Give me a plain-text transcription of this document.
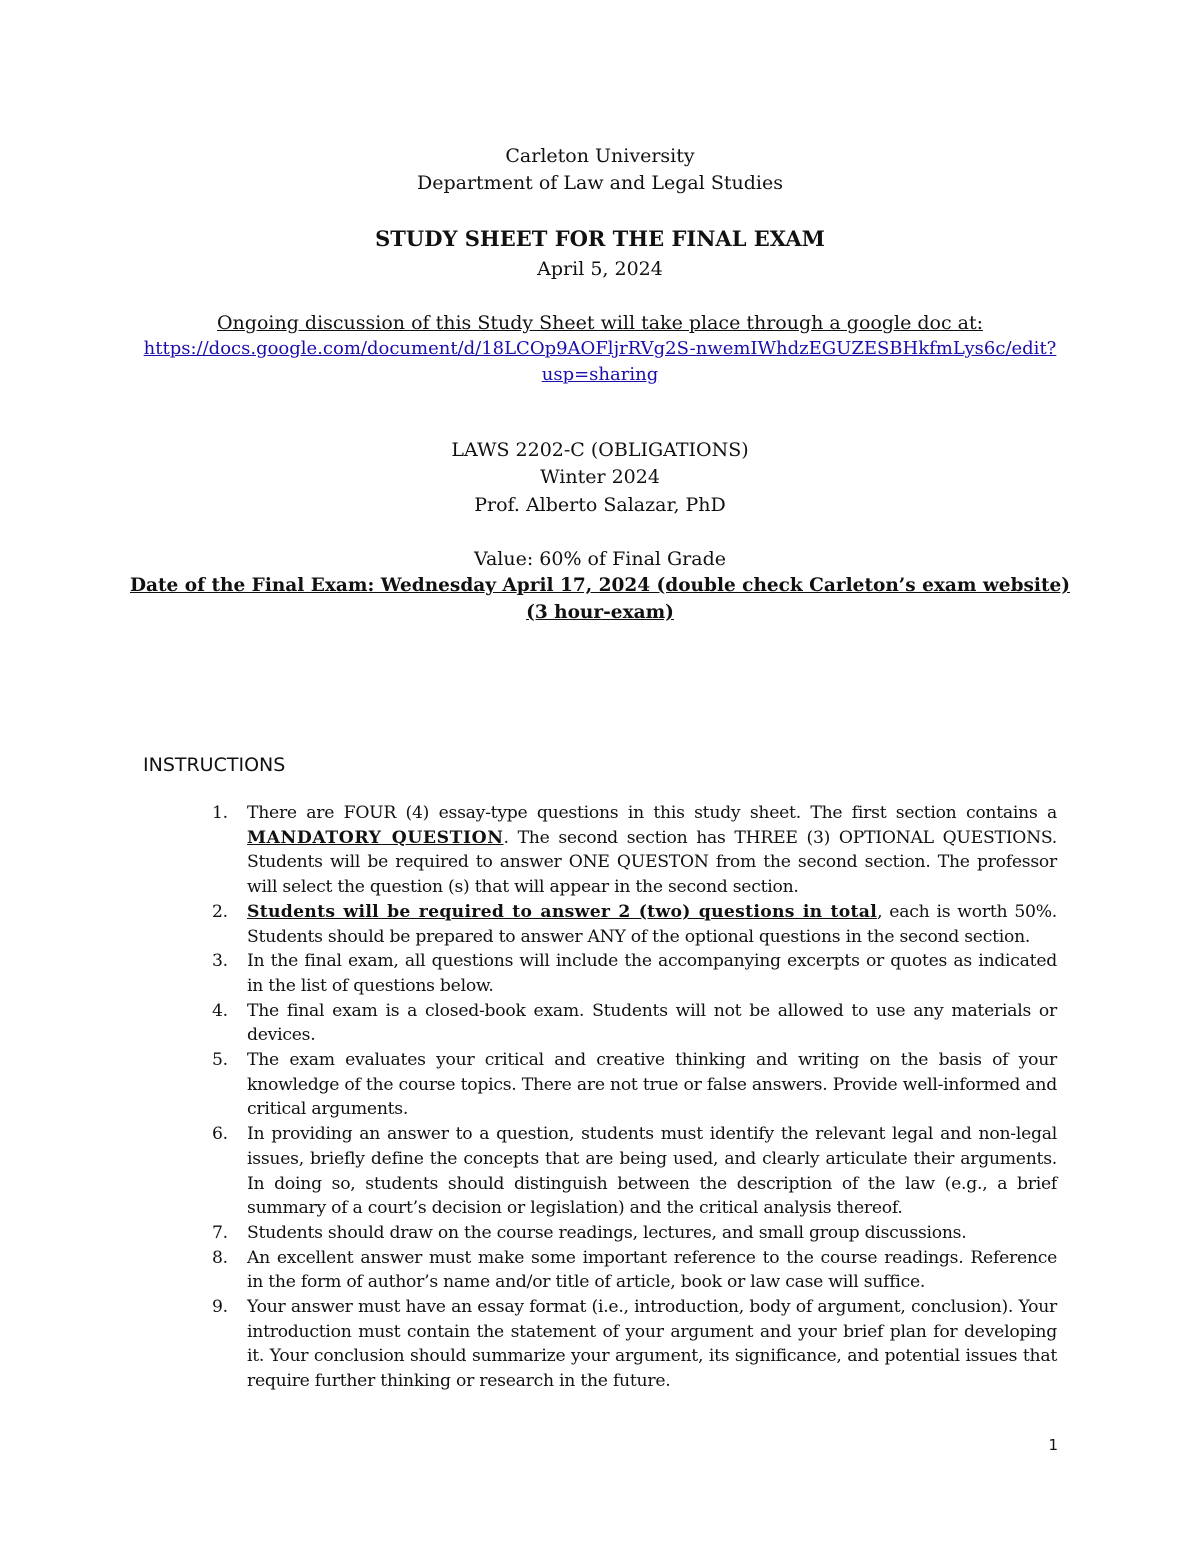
Carleton University
Department of Law and Legal Studies
STUDY SHEET FOR THE FINAL EXAM
April 5, 2024
Ongoing discussion of this Study Sheet will take place through a google doc at:
https://docs.google.com/document/d/18LCOp9AOFljrRVg2S-nwemIWhdzEGUZESBHkfmLys6c/edit?
usp=sharing
LAWS 2202-C (OBLIGATIONS)
Winter 2024
Prof. Alberto Salazar, PhD
Value: 60% of Final Grade
Date of the Final Exam: Wednesday April 17, 2024 (double check Carleton’s exam website)
(3 hour-exam)
INSTRUCTIONS
1. There are FOUR (4) essay-type questions in this study sheet. The first section contains a MANDATORY QUESTION. The second section has THREE (3) OPTIONAL QUESTIONS. Students will be required to answer ONE QUESTON from the second section. The professor will select the question (s) that will appear in the second section.
2. Students will be required to answer 2 (two) questions in total, each is worth 50%. Students should be prepared to answer ANY of the optional questions in the second section.
3. In the final exam, all questions will include the accompanying excerpts or quotes as indicated in the list of questions below.
4. The final exam is a closed-book exam. Students will not be allowed to use any materials or devices.
5. The exam evaluates your critical and creative thinking and writing on the basis of your knowledge of the course topics. There are not true or false answers. Provide well-informed and critical arguments.
6. In providing an answer to a question, students must identify the relevant legal and non-legal issues, briefly define the concepts that are being used, and clearly articulate their arguments. In doing so, students should distinguish between the description of the law (e.g., a brief summary of a court’s decision or legislation) and the critical analysis thereof.
7. Students should draw on the course readings, lectures, and small group discussions.
8. An excellent answer must make some important reference to the course readings. Reference in the form of author’s name and/or title of article, book or law case will suffice.
9. Your answer must have an essay format (i.e., introduction, body of argument, conclusion). Your introduction must contain the statement of your argument and your brief plan for developing it. Your conclusion should summarize your argument, its significance, and potential issues that require further thinking or research in the future.
1
